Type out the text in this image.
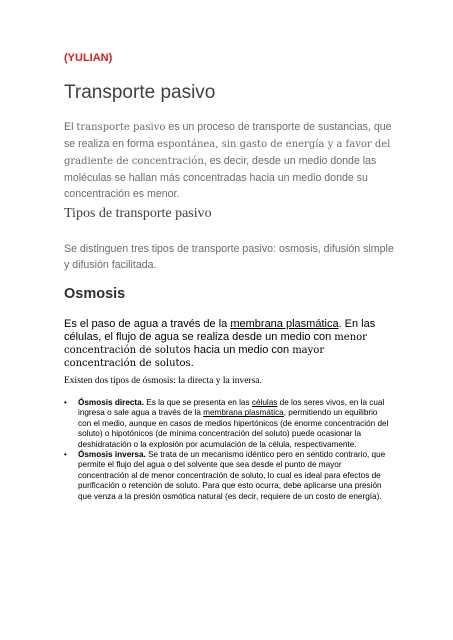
(YULIAN)
Transporte pasivo
El transporte pasivo es un proceso de transporte de sustancias, que se realiza en forma espontánea, sin gasto de energía y a favor del gradiente de concentración, es decir, desde un medio donde las moléculas se hallan más concentradas hacia un medio donde su concentración es menor.
Tipos de transporte pasivo
Se distinguen tres tipos de transporte pasivo: osmosis, difusión simple y difusión facilitada.
Osmosis
Es el paso de agua a través de la membrana plasmática. En las células, el flujo de agua se realiza desde un medio con menor concentración de solutos hacia un medio con mayor concentración de solutos.
Existen dos tipos de ósmosis: la directa y la inversa.
• Ósmosis directa. Es la que se presenta en las células de los seres vivos, en la cual ingresa o sale agua a través de la membrana plasmática, permitiendo un equilibrio con el medio, aunque en casos de medios hipertónicos (de enorme concentración del soluto) o hipotónicos (de mínima concentración del soluto) puede ocasionar la deshidratación o la explosión por acumulación de la célula, respectivamente.
• Ósmosis inversa. Se trata de un mecanismo idéntico pero en sentido contrario, que permite el flujo del agua o del solvente que sea desde el punto de mayor concentración al de menor concentración de soluto, lo cual es ideal para efectos de purificación o retención de soluto. Para que esto ocurra, debe aplicarse una presión que venza a la presión osmótica natural (es decir, requiere de un costo de energía).
